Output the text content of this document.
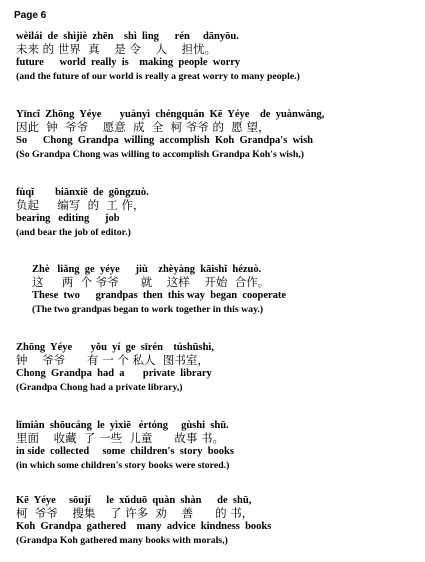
Page 6
wèilái  de  shìjiè  zhēn    shì  lìng      rén     dānyōu.
未来 的 世界  真    是 令    人    担忧。
future      world  really  is    making  people  worry
(and the future of our world is really a great worry to many people.)
Yīncǐ  Zhōng  Yéye       yuànyì  chéngquán  Kē  Yéye    de  yuànwàng,
因此  钟  爷爷    愿意  成  全  柯 爷爷 的  愿 望，
So      Chong  Grandpa  willing  accomplish  Koh  Grandpa's  wish
(So Grandpa Chong was willing to accomplish Grandpa Koh's wish,)
fùqǐ        biānxiě  de  gōngzuò.
负起     编写  的  工 作，
bearing   editing      job
(and bear the job of editor.)
Zhè   liǎng  ge  yéye      jiù    zhèyàng  kāishǐ  hézuò.
这     两  个 爷爷      就    这样    开始  合作。
These  two      grandpas  then  this way  began  cooperate
(The two grandpas began to work together in this way.)
Zhōng  Yéye       yǒu  yí  ge  sīrén    túshūshì,
钟    爷爷      有 一 个 私人  图书室，
Chong  Grandpa  had  a       private  library
(Grandpa Chong had a private library,)
lǐmiàn  shōucáng  le  yìxiē   értóng     gùshi  shū.
里面    收藏  了 一些  儿童      故事 书。
in side  collected     some  children's  story  books
(in which some children's story books were stored.)
Kē  Yéye     sōují      le  xǔduō  quàn  shàn      de  shū,
柯  爷爷    搜集    了 许多  劝    善      的 书，
Koh  Grandpa  gathered    many  advice  kindness  books
(Grandpa Koh gathered many books with morals,)
